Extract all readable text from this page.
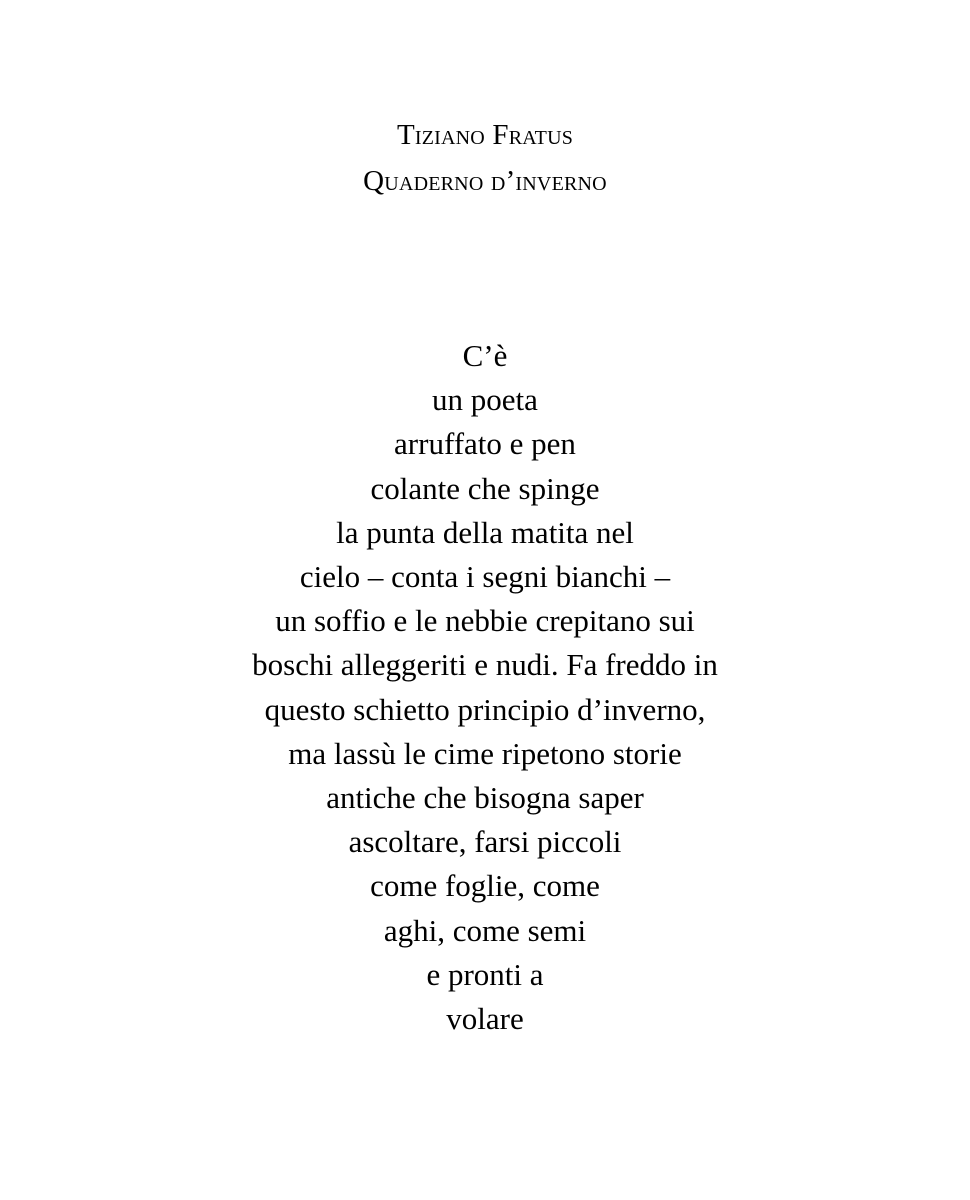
Tiziano Fratus
Quaderno d’inverno
C’è
un poeta
arruffato e pen
colante che spinge
la punta della matita nel
cielo – conta i segni bianchi –
un soffio e le nebbie crepitano sui
boschi alleggeriti e nudi. Fa freddo in
questo schietto principio d’inverno,
ma lassù le cime ripetono storie
antiche che bisogna saper
ascoltare, farsi piccoli
come foglie, come
aghi, come semi
e pronti a
volare
